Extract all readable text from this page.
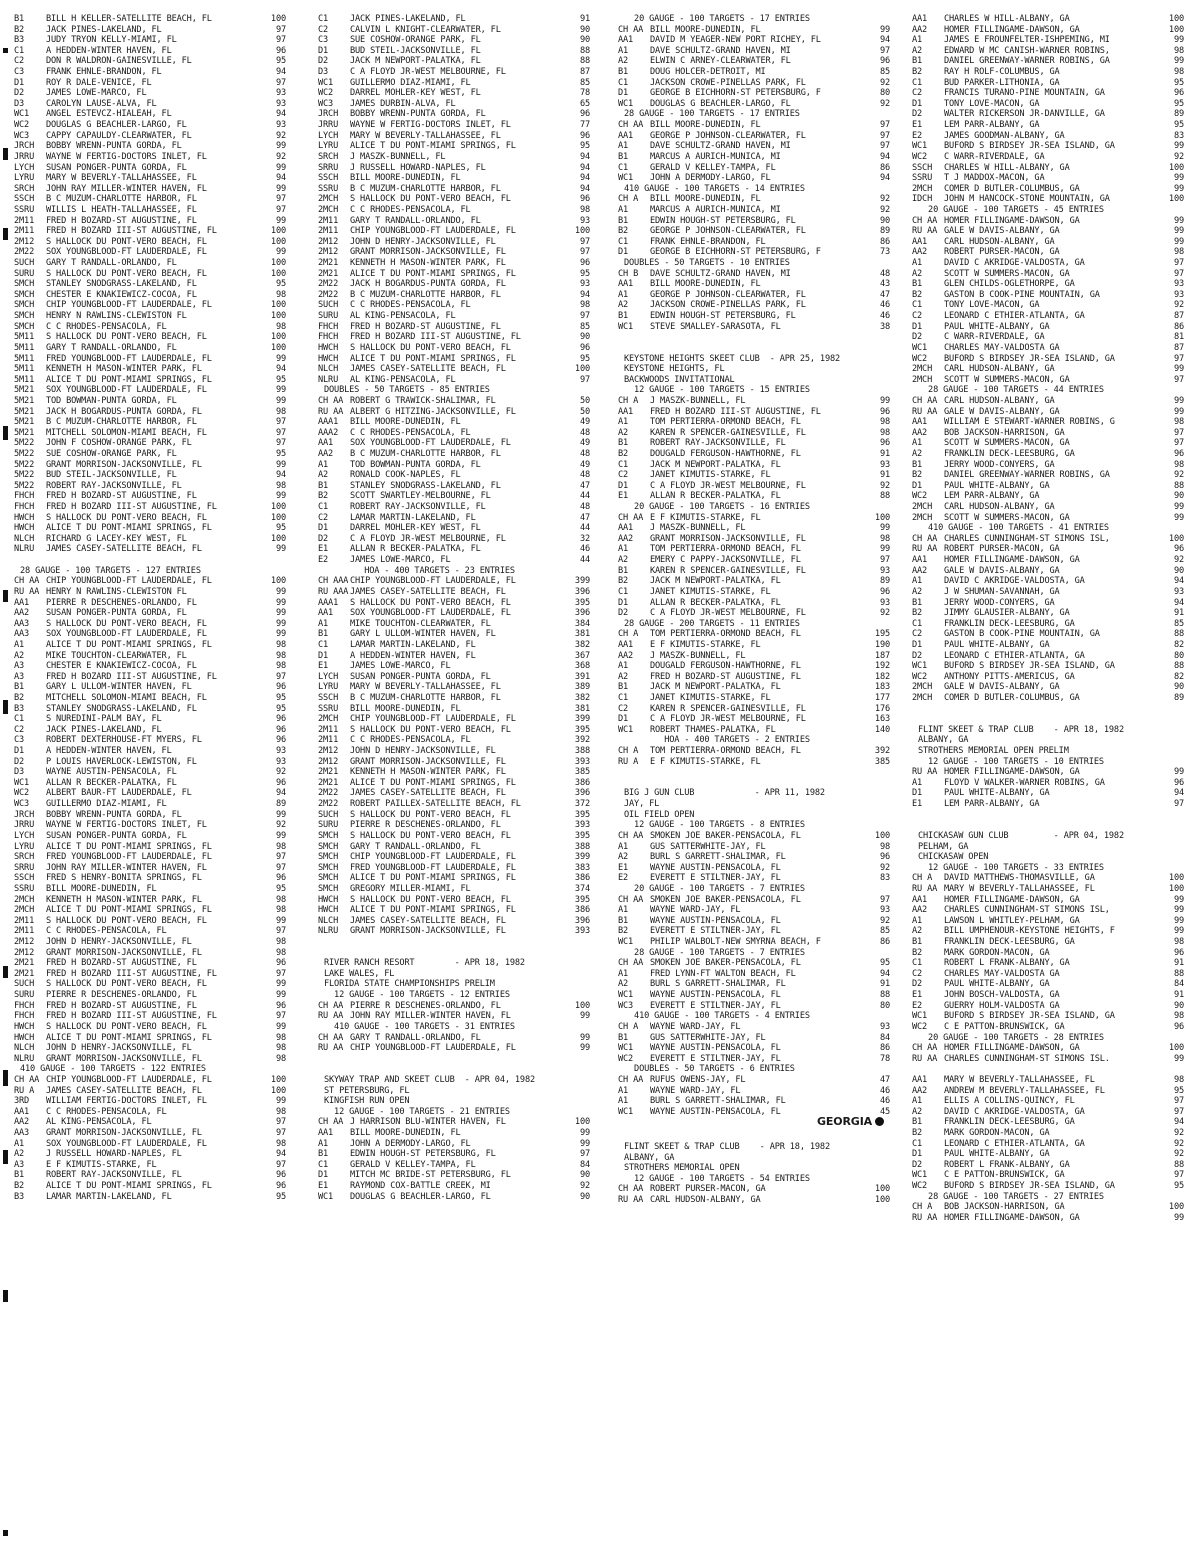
B1	BILL H KELLER-SATELLITE BEACH, FL	100
B2	JACK PINES-LAKELAND, FL	97
B3	JUDY TRYON KELLY-MIAMI, FL	97
C1	A HEDDEN-WINTER HAVEN, FL	96
C2	DON R WALDRON-GAINESVILLE, FL	95
C3	FRANK EHNLE-BRANDON, FL	94
D1	ROY R DALE-VENICE, FL	97
D2	JAMES LOWE-MARCO, FL	93
D3	CAROLYN LAUSE-ALVA, FL	93
WC1	ANGEL ESTEVCZ-HIALEAH, FL	94
WC2	DOUGLAS G BEACHLER-LARGO, FL	93
WC3	CAPPY CAPAULDY-CLEARWATER, FL	92
JRCH	BOBBY WRENN-PUNTA GORDA, FL	99
JRRU	WAYNE W FERTIG-DOCTORS INLET, FL	92
LYCH	SUSAN PONGER-PUNTA GORDA, FL	99
LYRU	MARY W BEVERLY-TALLAHASSEE, FL	94
SRCH	JOHN RAY MILLER-WINTER HAVEN, FL	99
SSCH	B C MUZUM-CHARLOTTE HARBOR, FL	97
SSRU	WILLIS L HEATH-TALLAHASSEE, FL	97
2M11	FRED H BOZARD-ST AUGUSTINE, FL	99
2M11	FRED H BOZARD III-ST AUGUSTINE, FL	100
2M12	S HALLOCK DU PONT-VERO BEACH, FL	100
2M22	SOX YOUNGBLOOD-FT LAUDERDALE, FL	99
SUCH	GARY T RANDALL-ORLANDO, FL	100
SURU	S HALLOCK DU PONT-VERO BEACH, FL	100
SMCH	STANLEY SNODGRASS-LAKELAND, FL	95
SMCH	CHESTER E KNAKIEWICZ-COCOA, FL	98
SMCH	CHIP YOUNGBLOOD-FT LAUDERDALE, FL	100
SMCH	HENRY N RAWLINS-CLEWISTON FL	100
SMCH	C C RHODES-PENSACOLA, FL	98
5M11	S HALLOCK DU PONT-VERO BEACH, FL	100
5M11	GARY T RANDALL-ORLANDO, FL	100
5M11	FRED YOUNGBLOOD-FT LAUDERDALE, FL	99
5M11	KENNETH H MASON-WINTER PARK, FL	94
5M11	ALICE T DU PONT-MIAMI SPRINGS, FL	95
5M21	SOX YOUNGBLOOD-FT LAUDERDALE, FL	99
5M21	TOD BOWMAN-PUNTA GORDA, FL	99
5M21	JACK H BOGARDUS-PUNTA GORDA, FL	98
5M21	B C MUZUM-CHARLOTTE HARBOR, FL	97
5M21	MITCHELL SOLOMON-MIAMI BEACH, FL	97
5M22	JOHN F COSHOW-ORANGE PARK, FL	97
5M22	SUE COSHOW-ORANGE PARK, FL	95
5M22	GRANT MORRISON-JACKSONVILLE, FL	99
5M22	BUD STEIL-JACKSONVILLE, FL	94
5M22	ROBERT RAY-JACKSONVILLE, FL	98
FHCH	FRED H BOZARD-ST AUGUSTINE, FL	99
FHCH	FRED H BOZARD III-ST AUGUSTINE, FL	100
HWCH	S HALLOCK DU PONT-VERO BEACH, FL	100
HWCH	ALICE T DU PONT-MIAMI SPRINGS, FL	95
NLCH	RICHARD G LACEY-KEY WEST, FL	100
NLRU	JAMES CASEY-SATELLITE BEACH, FL	99
28 GAUGE - 100 TARGETS - 127 ENTRIES
CH AA CHIP YOUNGBLOOD-FT LAUDERDALE, FL	100
RU AA HENRY N RAWLINS-CLEWISTON FL	99
AA1	PIERRE R DESCHENES-ORLANDO, FL	99
AA2	SUSAN PONGER-PUNTA GORDA, FL	99
AA3	S HALLOCK DU PONT-VERO BEACH, FL	99
AA3	SOX YOUNGBLOOD-FT LAUDERDALE, FL	99
A1	ALICE T DU PONT-MIAMI SPRINGS, FL	98
A2	MIKE TOUCHTON-CLEARWATER, FL	98
A3	CHESTER E KNAKIEWICZ-COCOA, FL	98
A3	FRED H BOZARD III-ST AUGUSTINE, FL	97
B1	GARY L ULLOM-WINTER HAVEN, FL	96
B2	MITCHELL SOLOMON-MIAMI BEACH, FL	95
B3	STANLEY SNODGRASS-LAKELAND, FL	95
C1	S NUREDINI-PALM BAY, FL	96
C2	JACK PINES-LAKELAND, FL	96
C3	ROBERT DEXTERHOUSE-FT MYERS, FL	96
D1	A HEDDEN-WINTER HAVEN, FL	93
D2	P LOUIS HAVERLOCK-LEWISTON, FL	93
D3	WAYNE AUSTIN-PENSACOLA, FL	92
WC1	ALLAN R BECKER-PALATKA, FL	96
WC2	ALBERT BAUR-FT LAUDERDALE, FL	94
WC3	GUILLERMO DIAZ-MIAMI, FL	89
JRCH	BOBBY WRENN-PUNTA GORDA, FL	99
JRRU	WAYNE W FERTIG-DOCTORS INLET, FL	92
LYCH	SUSAN PONGER-PUNTA GORDA, FL	99
LYRU	ALICE T DU PONT-MIAMI SPRINGS, FL	98
SRCH	FRED YOUNGBLOOD-FT LAUDERDALE, FL	97
SRRU	JOHN RAY MILLER-WINTER HAVEN, FL	97
SSCH	FRED S HENRY-BONITA SPRINGS, FL	96
SSRU	BILL MOORE-DUNEDIN, FL	95
2MCH	KENNETH H MASON-WINTER PARK, FL	98
2MCH	ALICE T DU PONT-MIAMI SPRINGS, FL	98
2M11	S HALLOCK DU PONT-VERO BEACH, FL	99
2M11	C C RHODES-PENSACOLA, FL	97
2M12	JOHN D HENRY-JACKSONVILLE, FL	98
2M12	GRANT MORRISON-JACKSONVILLE, FL	98
2M21	FRED H BOZARD-ST AUGUSTINE, FL	96
2M21	FRED H BOZARD III-ST AUGUSTINE, FL	97
SUCH	S HALLOCK DU PONT-VERO BEACH, FL	99
SURU	PIERRE R DESCHENES-ORLANDO, FL	99
FHCH	FRED H BOZARD-ST AUGUSTINE, FL	96
FHCH	FRED H BOZARD III-ST AUGUSTINE, FL	97
HWCH	S HALLOCK DU PONT-VERO BEACH, FL	99
HWCH	ALICE T DU PONT-MIAMI SPRINGS, FL	98
NLCH	JOHN D HENRY-JACKSONVILLE, FL	98
NLRU	GRANT MORRISON-JACKSONVILLE, FL	98
410 GAUGE - 100 TARGETS - 122 ENTRIES
CH AA CHIP YOUNGBLOOD-FT LAUDERDALE, FL	100
RU A	JAMES CASEY-SATELLITE BEACH, FL	100
3RD	WILLIAM FERTIG-DOCTORS INLET, FL	99
AA1	C C RHODES-PENSACOLA, FL	98
AA2	AL KING-PENSACOLA, FL	97
AA3	GRANT MORRISON-JACKSONVILLE, FL	97
A1	SOX YOUNGBLOOD-FT LAUDERDALE, FL	98
A2	J RUSSELL HOWARD-NAPLES, FL	94
A3	E F KIMUTIS-STARKE, FL	97
B1	ROBERT RAY-JACKSONVILLE, FL	96
B2	ALICE T DU PONT-MIAMI SPRINGS, FL	96
B3	LAMAR MARTIN-LAKELAND, FL	95
C1	JACK PINES-LAKELAND, FL	91
C2	CALVIN L KNIGHT-CLEARWATER, FL	90
C3	SUE COSHOW-ORANGE PARK, FL	90
D1	BUD STEIL-JACKSONVILLE, FL	88
D2	JACK M NEWPORT-PALATKA, FL	88
D3	C A FLOYD JR-WEST MELBOURNE, FL	87
WC1	GUILLERMO DIAZ-MIAMI, FL	85
WC2	DARREL MOHLER-KEY WEST, FL	78
WC3	JAMES DURBIN-ALVA, FL	65
JRCH	BOBBY WRENN-PUNTA GORDA, FL	96
JRRU	WAYNE W FERTIG-DOCTORS INLET, FL	77
LYCH	MARY W BEVERLY-TALLAHASSEE, FL	96
LYRU	ALICE T DU PONT-MIAMI SPRINGS, FL	95
SRCH	J MASZK-BUNNELL, FL	94
SRRU	J RUSSELL HOWARD-NAPLES, FL	94
SSCH	BILL MOORE-DUNEDIN, FL	94
SSRU	B C MUZUM-CHARLOTTE HARBOR, FL	94
2MCH	S HALLOCK DU PONT-VERO BEACH, FL	96
2MCH	C C RHODES-PENSACOLA, FL	98
2M11	GARY T RANDALL-ORLANDO, FL	93
2M11	CHIP YOUNGBLOOD-FT LAUDERDALE, FL	100
2M12	JOHN D HENRY-JACKSONVILLE, FL	97
2M12	GRANT MORRISON-JACKSONVILLE, FL	97
2M21	KENNETH H MASON-WINTER PARK, FL	96
2M21	ALICE T DU PONT-MIAMI SPRINGS, FL	95
2M22	JACK H BOGARDUS-PUNTA GORDA, FL	93
2M22	B C MUZUM-CHARLOTTE HARBOR, FL	94
SUCH	C C RHODES-PENSACOLA, FL	98
SURU	AL KING-PENSACOLA, FL	97
FHCH	FRED H BOZARD-ST AUGUSTINE, FL	85
FHCH	FRED H BOZARD III-ST AUGUSTINE, FL	90
HWCH	S HALLOCK DU PONT-VERO BEACH, FL	96
HWCH	ALICE T DU PONT-MIAMI SPRINGS, FL	95
NLCH	JAMES CASEY-SATELLITE BEACH, FL	100
NLRU	AL KING-PENSACOLA, FL	97
DOUBLES - 50 TARGETS - 85 ENTRIES
CH AA ROBERT G TRAWICK-SHALIMAR, FL	50
RU AA ALBERT G HITZING-JACKSONVILLE, FL	50
AAA1	BILL MOORE-DUNEDIN, FL	49
AAA2	C C RHODES-PENSACOLA, FL	48
AA1	SOX YOUNGBLOOD-FT LAUDERDALE, FL	49
AA2	B C MUZUM-CHARLOTTE HARBOR, FL	48
A1	TOD BOWMAN-PUNTA GORDA, FL	49
A2	RONALD COOK-NAPLES, FL	48
B1	STANLEY SNODGRASS-LAKELAND, FL	47
B2	SCOTT SWARTLEY-MELBOURNE, FL	44
C1	ROBERT RAY-JACKSONVILLE, FL	48
C2	LAMAR MARTIN-LAKELAND, FL	47
D1	DARREL MOHLER-KEY WEST, FL	44
D2	C A FLOYD JR-WEST MELBOURNE, FL	32
E1	ALLAN R BECKER-PALATKA, FL	46
E2	JAMES LOWE-MARCO, FL	44
HOA - 400 TARGETS - 23 ENTRIES
CH AAA CHIP YOUNGBLOOD-FT LAUDERDALE, FL	399
RU AAA JAMES CASEY-SATELLITE BEACH, FL	396
AAA1	S HALLOCK DU PONT-VERO BEACH, FL	395
AA1	SOX YOUNGBLOOD-FT LAUDERDALE, FL	396
A1	MIKE TOUCHTON-CLEARWATER, FL	384
B1	GARY L ULLOM-WINTER HAVEN, FL	381
C1	LAMAR MARTIN-LAKELAND, FL	382
D1	A HEDDEN-WINTER HAVEN, FL	367
E1	JAMES LOWE-MARCO, FL	368
LYCH	SUSAN PONGER-PUNTA GORDA, FL	391
LYRU	MARY W BEVERLY-TALLAHASSEE, FL	389
SSCH	B C MUZUM-CHARLOTTE HARBOR, FL	382
SSRU	BILL MOORE-DUNEDIN, FL	381
2MCH	CHIP YOUNGBLOOD-FT LAUDERDALE, FL	399
2M11	S HALLOCK DU PONT-VERO BEACH, FL	395
2M11	C C RHODES-PENSACOLA, FL	392
2M12	JOHN D HENRY-JACKSONVILLE, FL	388
2M12	GRANT MORRISON-JACKSONVILLE, FL	393
2M21	KENNETH H MASON-WINTER PARK, FL	385
2M21	ALICE T DU PONT-MIAMI SPRINGS, FL	386
2M22	JAMES CASEY-SATELLITE BEACH, FL	396
2M22	ROBERT PAILLEX-SATELLITE BEACH, FL	372
SUCH	S HALLOCK DU PONT-VERO BEACH, FL	395
SURU	PIERRE R DESCHENES-ORLANDO, FL	393
SMCH	S HALLOCK DU PONT-VERO BEACH, FL	395
SMCH	GARY T RANDALL-ORLANDO, FL	388
SMCH	CHIP YOUNGBLOOD-FT LAUDERDALE, FL	399
SMCH	FRED YOUNGBLOOD-FT LAUDERDALE, FL	383
SMCH	ALICE T DU PONT-MIAMI SPRINGS, FL	386
SMCH	GREGORY MILLER-MIAMI, FL	374
HWCH	S HALLOCK DU PONT-VERO BEACH, FL	395
HWCH	ALICE T DU PONT-MIAMI SPRINGS, FL	386
NLCH	JAMES CASEY-SATELLITE BEACH, FL	396
NLRU	GRANT MORRISON-JACKSONVILLE, FL	393
RIVER RANCH RESORT        - APR 18, 1982
LAKE WALES, FL
FLORIDA STATE CHAMPIONSHIPS PRELIM
12 GAUGE - 100 TARGETS - 12 ENTRIES
CH AA PIERRE R DESCHENES-ORLANDO, FL	100
RU AA JOHN RAY MILLER-WINTER HAVEN, FL	99
410 GAUGE - 100 TARGETS - 31 ENTRIES
CH AA GARY T RANDALL-ORLANDO, FL	99
RU AA CHIP YOUNGBLOOD-FT LAUDERDALE, FL	99
SKYWAY TRAP AND SKEET CLUB  - APR 04, 1982
ST PETERSBURG, FL
KINGFISH RUN OPEN
12 GAUGE - 100 TARGETS - 21 ENTRIES
CH AA J HARRISON BLU-WINTER HAVEN, FL	100
AA1	BILL MOORE-DUNEDIN, FL	99
A1	JOHN A DERMODY-LARGO, FL	99
B1	EDWIN HOUGH-ST PETERSBURG, FL	97
C1	GERALD V KELLEY-TAMPA, FL	84
D1	MITCH MC BRIDE-ST PETERSBURG, FL	90
E1	RAYMOND COX-BATTLE CREEK, MI	92
WC1	DOUGLAS G BEACHLER-LARGO, FL	90
20 GAUGE - 100 TARGETS - 17 ENTRIES
CH AA BILL MOORE-DUNEDIN, FL	99
AA1	DAVID M YEAGER-NEW PORT RICHEY, FL	94
A1	DAVE SCHULTZ-GRAND HAVEN, MI	97
A2	ELWIN C ARNEY-CLEARWATER, FL	96
B1	DOUG HOLCER-DETROIT, MI	85
C1	JACKSON CROWE-PINELLAS PARK, FL	92
D1	GEORGE B EICHHORN-ST PETERSBURG, F	80
WC1	DOUGLAS G BEACHLER-LARGO, FL	92
28 GAUGE - 100 TARGETS - 17 ENTRIES
CH AA BILL MOORE-DUNEDIN, FL	97
AA1	GEORGE P JOHNSON-CLEARWATER, FL	97
A1	DAVE SCHULTZ-GRAND HAVEN, MI	97
B1	MARCUS A AURICH-MUNICA, MI	94
C1	GERALD V KELLEY-TAMPA, FL	86
WC1	JOHN A DERMODY-LARGO, FL	94
410 GAUGE - 100 TARGETS - 14 ENTRIES
CH A	BILL MOORE-DUNEDIN, FL	92
A1	MARCUS A AURICH-MUNICA, MI	92
B1	EDWIN HOUGH-ST PETERSBURG, FL	90
B2	GEORGE P JOHNSON-CLEARWATER, FL	89
C1	FRANK EHNLE-BRANDON, FL	86
D1	GEORGE B EICHHORN-ST PETERSBURG, F	73
DOUBLES - 50 TARGETS - 10 ENTRIES
CH B	DAVE SCHULTZ-GRAND HAVEN, MI	48
AA1	BILL MOORE-DUNEDIN, FL	43
A1	GEORGE P JOHNSON-CLEARWATER, FL	47
A2	JACKSON CROWE-PINELLAS PARK, FL	46
B1	EDWIN HOUGH-ST PETERSBURG, FL	46
WC1	STEVE SMALLEY-SARASOTA, FL	38
KEYSTONE HEIGHTS SKEET CLUB  - APR 25, 1982
KEYSTONE HEIGHTS, FL
BACKWOODS INVITATIONAL
12 GAUGE - 100 TARGETS - 15 ENTRIES
CH A	J MASZK-BUNNELL, FL	99
AA1	FRED H BOZARD III-ST AUGUSTINE, FL	96
A1	TOM PERTIERRA-ORMOND BEACH, FL	98
A2	KAREN R SPENCER-GAINESVILLE, FL	98
B1	ROBERT RAY-JACKSONVILLE, FL	96
B2	DOUGALD FERGUSON-HAWTHORNE, FL	91
C1	JACK M NEWPORT-PALATKA, FL	93
C2	JANET KIMUTIS-STARKE, FL	91
D1	C A FLOYD JR-WEST MELBOURNE, FL	92
E1	ALLAN R BECKER-PALATKA, FL	88
20 GAUGE - 100 TARGETS - 16 ENTRIES
CH AA E F KIMUTIS-STARKE, FL	100
AA1	J MASZK-BUNNELL, FL	99
AA2	GRANT MORRISON-JACKSONVILLE, FL	98
A1	TOM PERTIERRA-ORMOND BEACH, FL	99
A2	EMERY C PAPPY-JACKSONVILLE, FL	97
B1	KAREN R SPENCER-GAINESVILLE, FL	93
B2	JACK M NEWPORT-PALATKA, FL	89
C1	JANET KIMUTIS-STARKE, FL	96
D1	ALLAN R BECKER-PALATKA, FL	93
D2	C A FLOYD JR-WEST MELBOURNE, FL	92
28 GAUGE - 200 TARGETS - 11 ENTRIES
CH A	TOM PERTIERRA-ORMOND BEACH, FL	195
AA1	E F KIMUTIS-STARKE, FL	190
AA2	J MASZK-BUNNELL, FL	187
A1	DOUGALD FERGUSON-HAWTHORNE, FL	192
A2	FRED H BOZARD-ST AUGUSTINE, FL	182
B1	JACK M NEWPORT-PALATKA, FL	183
C1	JANET KIMUTIS-STARKE, FL	177
C2	KAREN R SPENCER-GAINESVILLE, FL	176
D1	C A FLOYD JR-WEST MELBOURNE, FL	163
WC1	ROBERT THAMES-PALATKA, FL	140
HOA - 400 TARGETS - 2 ENTRIES
CH A	TOM PERTIERRA-ORMOND BEACH, FL	392
RU A	E F KIMUTIS-STARKE, FL	385
BIG J GUN CLUB            - APR 11, 1982
JAY, FL
OIL FIELD OPEN
12 GAUGE - 100 TARGETS - 8 ENTRIES
CH AA SMOKEN JOE BAKER-PENSACOLA, FL	100
A1	GUS SATTERWHITE-JAY, FL	98
A2	BURL S GARRETT-SHALIMAR, FL	96
E1	WAYNE AUSTIN-PENSACOLA, FL	92
E2	EVERETT E STILTNER-JAY, FL	83
20 GAUGE - 100 TARGETS - 7 ENTRIES
CH AA SMOKEN JOE BAKER-PENSACOLA, FL	97
A1	WAYNE WARD-JAY, FL	93
B1	WAYNE AUSTIN-PENSACOLA, FL	92
B2	EVERETT E STILTNER-JAY, FL	85
WC1	PHILIP WALBOLT-NEW SMYRNA BEACH, F	86
28 GAUGE - 100 TARGETS - 7 ENTRIES
CH AA SMOKEN JOE BAKER-PENSACOLA, FL	95
A1	FRED LYNN-FT WALTON BEACH, FL	94
A2	BURL S GARRETT-SHALIMAR, FL	91
WC1	WAYNE AUSTIN-PENSACOLA, FL	88
WC3	EVERETT E STILTNER-JAY, FL	80
410 GAUGE - 100 TARGETS - 4 ENTRIES
CH A	WAYNE WARD-JAY, FL	93
B1	GUS SATTERWHITE-JAY, FL	84
WC1	WAYNE AUSTIN-PENSACOLA, FL	86
WC2	EVERETT E STILTNER-JAY, FL	78
DOUBLES - 50 TARGETS - 6 ENTRIES
CH AA RUFUS OWENS-JAY, FL	47
A1	WAYNE WARD-JAY, FL	46
A1	BURL S GARRETT-SHALIMAR, FL	46
WC1	WAYNE AUSTIN-PENSACOLA, FL	45
GEORGIA
FLINT SKEET & TRAP CLUB    - APR 18, 1982
ALBANY, GA
STROTHERS MEMORIAL OPEN
12 GAUGE - 100 TARGETS - 54 ENTRIES
CH AA ROBERT PURSER-MACON, GA	100
RU AA CARL HUDSON-ALBANY, GA	100
AA1	CHARLES W HILL-ALBANY, GA	100
AA2	HOMER FILLINGAME-DAWSON, GA	100
A1	JAMES E FROUNFELTER-ISHPEMING, MI	99
A2	EDWARD W MC CANISH-WARNER ROBINS,	98
B1	DANIEL GREENWAY-WARNER ROBINS, GA	99
B2	RAY H ROLF-COLUMBUS, GA	98
C1	BUD PARKER-LITHONIA, GA	95
C2	FRANCIS TURANO-PINE MOUNTAIN, GA	96
D1	TONY LOVE-MACON, GA	95
D2	WALTER RICKERSON JR-DANVILLE, GA	89
E1	LEM PARR-ALBANY, GA	95
E2	JAMES GOODMAN-ALBANY, GA	83
WC1	BUFORD S BIRDSEY JR-SEA ISLAND, GA	99
WC2	C WARR-RIVERDALE, GA	92
SSCH	CHARLES W HILL-ALBANY, GA	100
SSRU	T J MADDOX-MACON, GA	99
2MCH	COMER D BUTLER-COLUMBUS, GA	99
IDCH	JOHN M HANCOCK-STONE MOUNTAIN, GA	100
20 GAUGE - 100 TARGETS - 45 ENTRIES
CH AA HOMER FILLINGAME-DAWSON, GA	99
RU AA GALE W DAVIS-ALBANY, GA	99
AA1	CARL HUDSON-ALBANY, GA	99
AA2	ROBERT PURSER-MACON, GA	98
A1	DAVID C AKRIDGE-VALDOSTA, GA	97
A2	SCOTT W SUMMERS-MACON, GA	97
B1	GLEN CHILDS-OGLETHORPE, GA	93
B2	GASTON B COOK-PINE MOUNTAIN, GA	93
C1	TONY LOVE-MACON, GA	92
C2	LEONARD C ETHIER-ATLANTA, GA	87
D1	PAUL WHITE-ALBANY, GA	86
D2	C WARR-RIVERDALE, GA	81
WC1	CHARLES MAY-VALDOSTA GA	87
WC2	BUFORD S BIRDSEY JR-SEA ISLAND, GA	97
2MCH	CARL HUDSON-ALBANY, GA	99
2MCH	SCOTT W SUMMERS-MACON, GA	97
28 GAUGE - 100 TARGETS - 44 ENTRIES
CH AA CARL HUDSON-ALBANY, GA	99
RU AA GALE W DAVIS-ALBANY, GA	99
AA1	WILLIAM E STEWART-WARNER ROBINS, G	98
AA2	BOB JACKSON-HARRISON, GA	97
A1	SCOTT W SUMMERS-MACON, GA	97
A2	FRANKLIN DECK-LEESBURG, GA	96
B1	JERRY WOOD-CONYERS, GA	98
B2	DANIEL GREENWAY-WARNER ROBINS, GA	92
D1	PAUL WHITE-ALBANY, GA	88
WC2	LEM PARR-ALBANY, GA	90
2MCH	CARL HUDSON-ALBANY, GA	99
2MCH	SCOTT W SUMMERS-MACON, GA	99
410 GAUGE - 100 TARGETS - 41 ENTRIES
CH AA CHARLES CUNNINGHAM-ST SIMONS ISL,	100
RU AA ROBERT PURSER-MACON, GA	96
AA1	HOMER FILLINGAME-DAWSON, GA	92
AA2	GALE W DAVIS-ALBANY, GA	90
A1	DAVID C AKRIDGE-VALDOSTA, GA	94
A2	J W SHUMAN-SAVANNAH, GA	93
B1	JERRY WOOD-CONYERS, GA	94
B2	JIMMY GLAUSIER-ALBANY, GA	91
C1	FRANKLIN DECK-LEESBURG, GA	85
C2	GASTON B COOK-PINE MOUNTAIN, GA	88
D1	PAUL WHITE-ALBANY, GA	82
D2	LEONARD C ETHIER-ATLANTA, GA	80
WC1	BUFORD S BIRDSEY JR-SEA ISLAND, GA	88
WC2	ANTHONY PITTS-AMERICUS, GA	82
2MCH	GALE W DAVIS-ALBANY, GA	90
2MCH	COMER D BUTLER-COLUMBUS, GA	89
FLINT SKEET & TRAP CLUB    - APR 18, 1982
ALBANY, GA
STROTHERS MEMORIAL OPEN PRELIM
12 GAUGE - 100 TARGETS - 10 ENTRIES
RU AA HOMER FILLINGAME-DAWSON, GA	99
A1	FLOYD V WALKER-WARNER ROBINS, GA	96
D1	PAUL WHITE-ALBANY, GA	94
E1	LEM PARR-ALBANY, GA	97
CHICKASAW GUN CLUB         - APR 04, 1982
PELHAM, GA
CHICKASAW OPEN
12 GAUGE - 100 TARGETS - 33 ENTRIES
CH A	DAVID MATTHEWS-THOMASVILLE, GA	100
RU AA MARY W BEVERLY-TALLAHASSEE, FL	100
AA1	HOMER FILLINGAME-DAWSON, GA	99
AA2	CHARLES CUNNINGHAM-ST SIMONS ISL,	99
A1	LAWSON L WHITLEY-PELHAM, GA	99
A2	BILL UMPHENOUR-KEYSTONE HEIGHTS, F	99
B1	FRANKLIN DECK-LEESBURG, GA	98
B2	MARK GORDON-MACON, GA	96
C1	ROBERT L FRANK-ALBANY, GA	91
C2	CHARLES MAY-VALDOSTA GA	88
D2	PAUL WHITE-ALBANY, GA	84
E1	JOHN BOSCH-VALDOSTA, GA	91
E2	GUERRY HOLM-VALDOSTA GA	90
WC1	BUFORD S BIRDSEY JR-SEA ISLAND, GA	98
WC2	C E PATTON-BRUNSWICK, GA	96
20 GAUGE - 100 TARGETS - 28 ENTRIES
CH AA HOMER FILLINGAME-DAWSON, GA	100
RU AA CHARLES CUNNINGHAM-ST SIMONS ISL.	99
AA1	MARY W BEVERLY-TALLAHASSEE, FL	98
AA2	ANDREW M BEVERLY-TALLAHASSEE, FL	95
A1	ELLIS A COLLINS-QUINCY, FL	97
A2	DAVID C AKRIDGE-VALDOSTA, GA	97
B1	FRANKLIN DECK-LEESBURG, GA	94
B2	MARK GORDON-MACON, GA	92
C1	LEONARD C ETHIER-ATLANTA, GA	92
D1	PAUL WHITE-ALBANY, GA	92
D2	ROBERT L FRANK-ALBANY, GA	88
WC1	C E PATTON-BRUNSWICK, GA	97
WC2	BUFORD S BIRDSEY JR-SEA ISLAND, GA	95
28 GAUGE - 100 TARGETS - 27 ENTRIES
CH A	BOB JACKSON-HARRISON, GA	100
RU AA HOMER FILLINGAME-DAWSON, GA	99
